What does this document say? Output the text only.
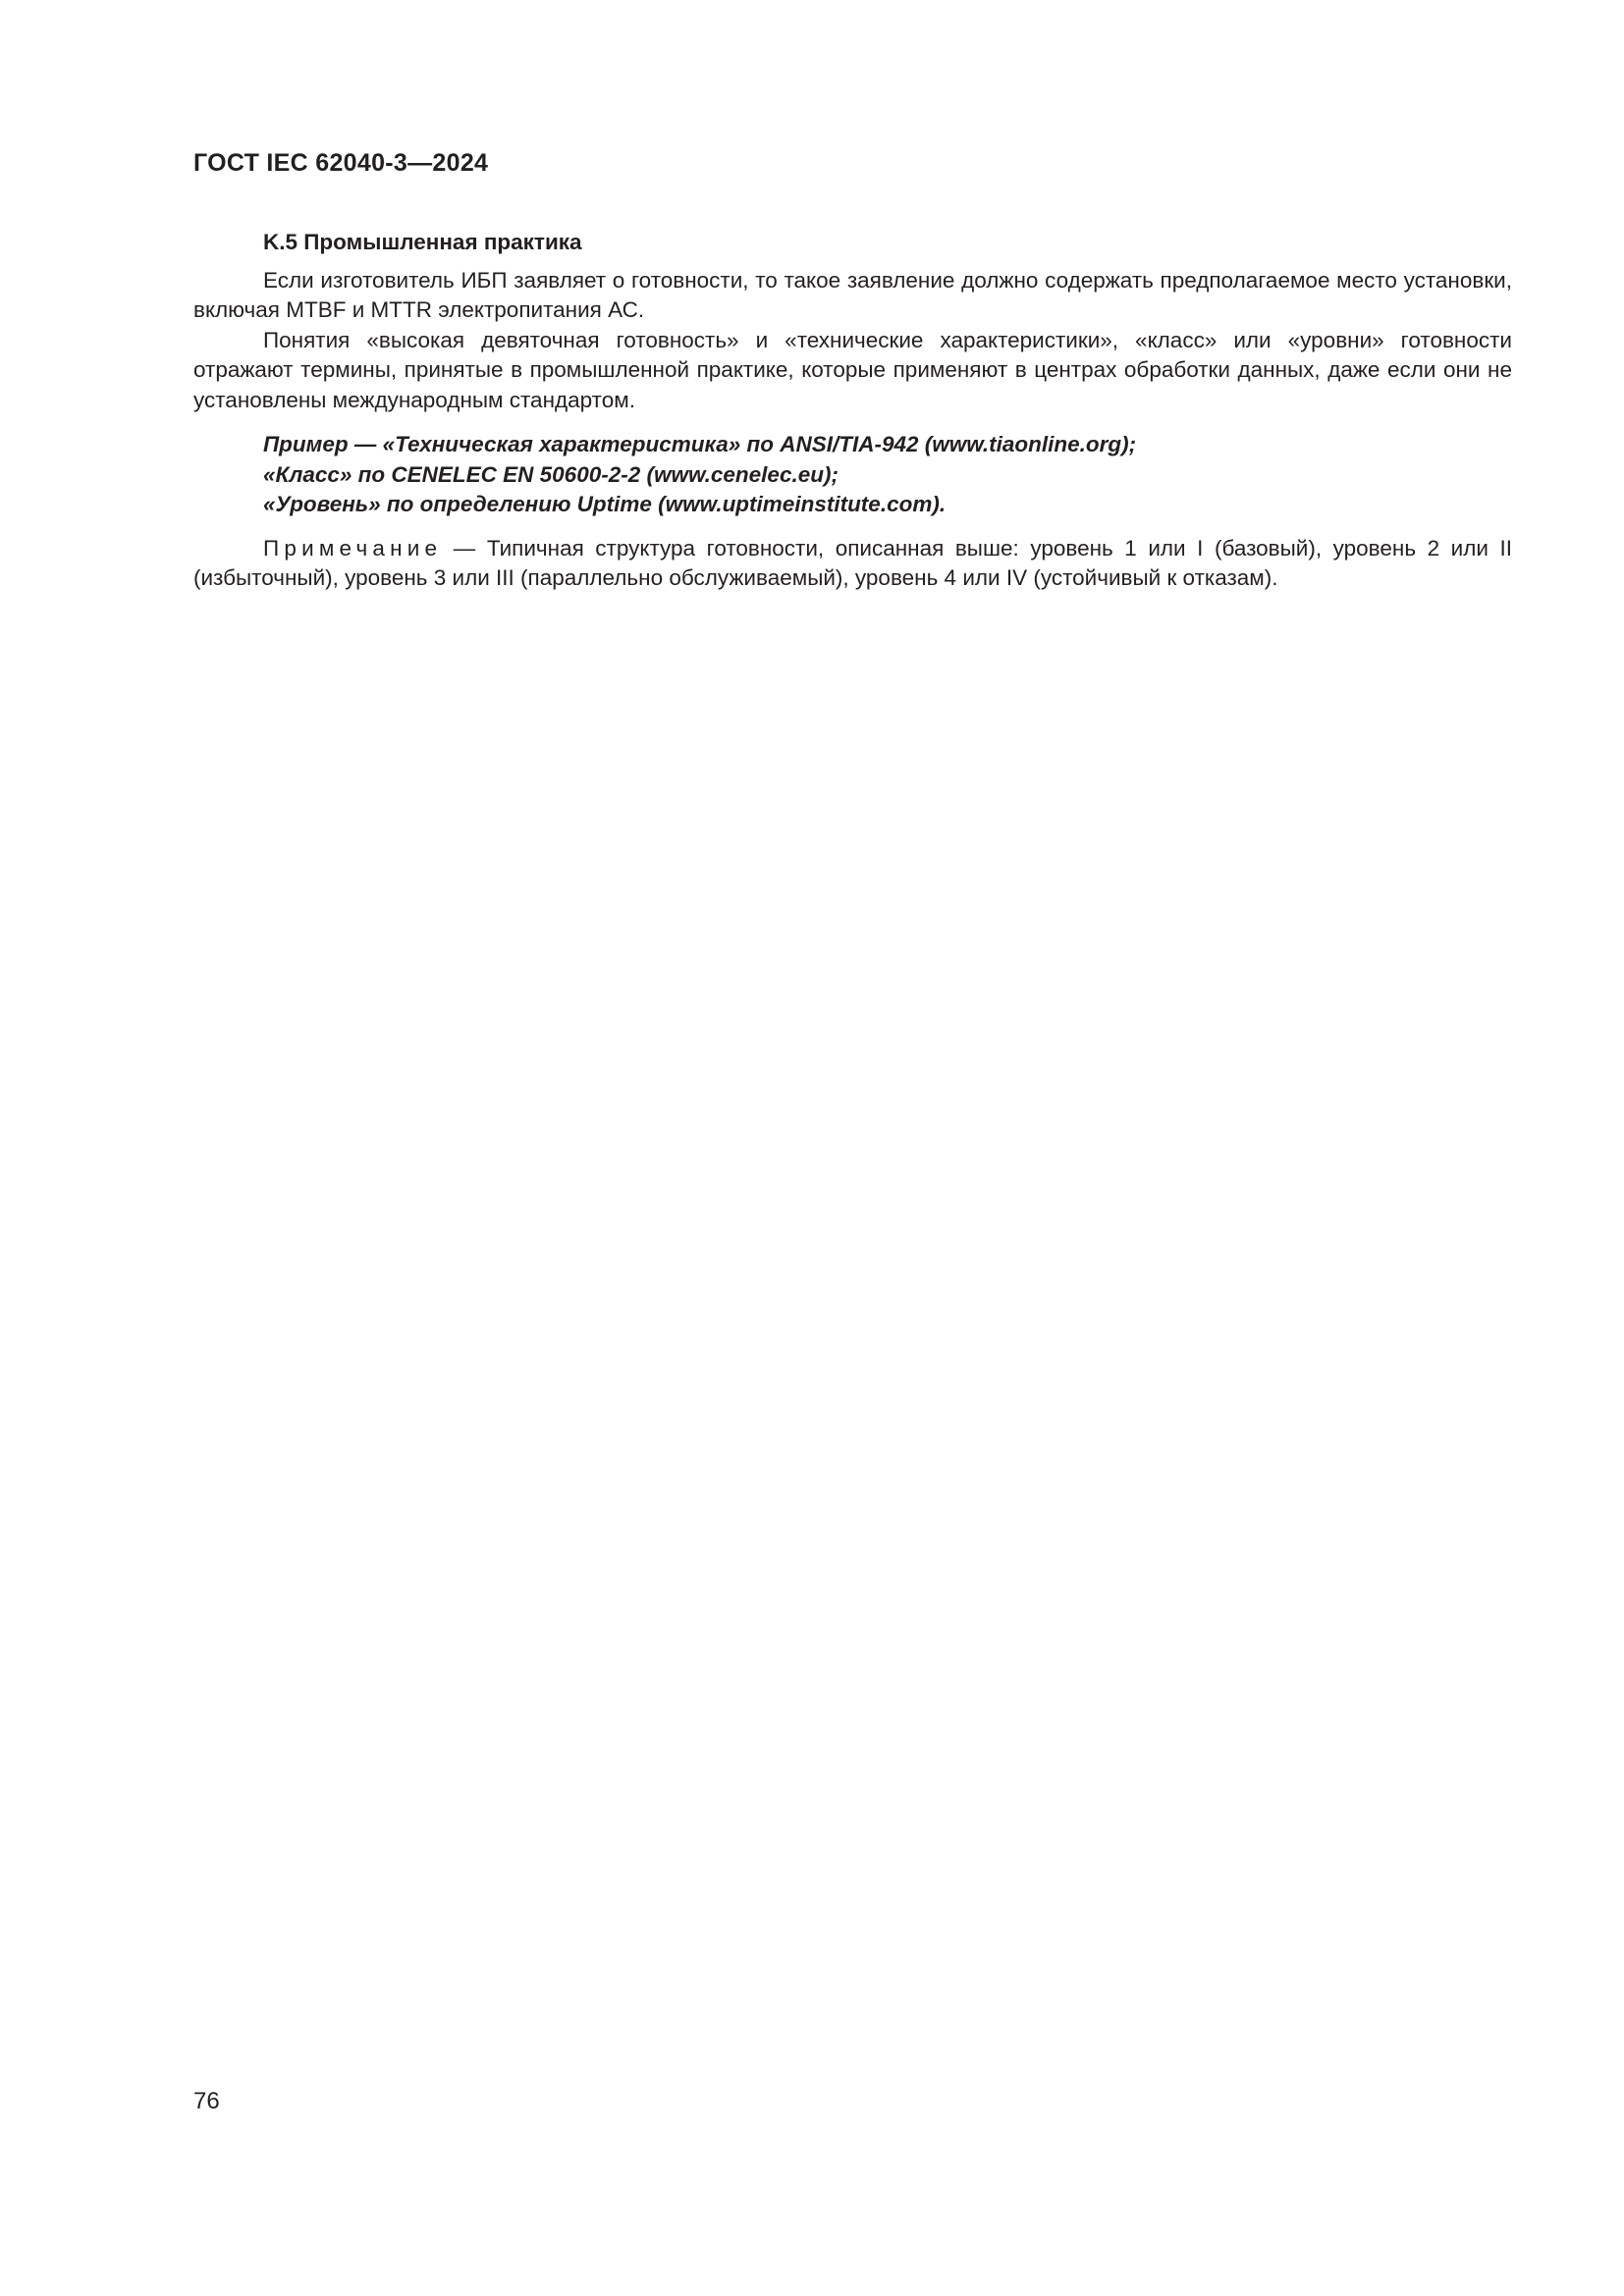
ГОСТ IEC 62040-3—2024
K.5 Промышленная практика

Если изготовитель ИБП заявляет о готовности, то такое заявление должно содержать предполагаемое место установки, включая MTBF и MTTR электропитания АС.

Понятия «высокая девяточная готовность» и «технические характеристики», «класс» или «уровни» готовности отражают термины, принятые в промышленной практике, которые применяют в центрах обработки данных, даже если они не установлены международным стандартом.

Пример — «Техническая характеристика» по ANSI/TIA-942 (www.tiaonline.org);
«Класс» по CENELEC EN 50600-2-2 (www.cenelec.eu);
«Уровень» по определению Uptime (www.uptimeinstitute.com).

Примечание — Типичная структура готовности, описанная выше: уровень 1 или I (базовый), уровень 2 или II (избыточный), уровень 3 или III (параллельно обслуживаемый), уровень 4 или IV (устойчивый к отказам).

76
